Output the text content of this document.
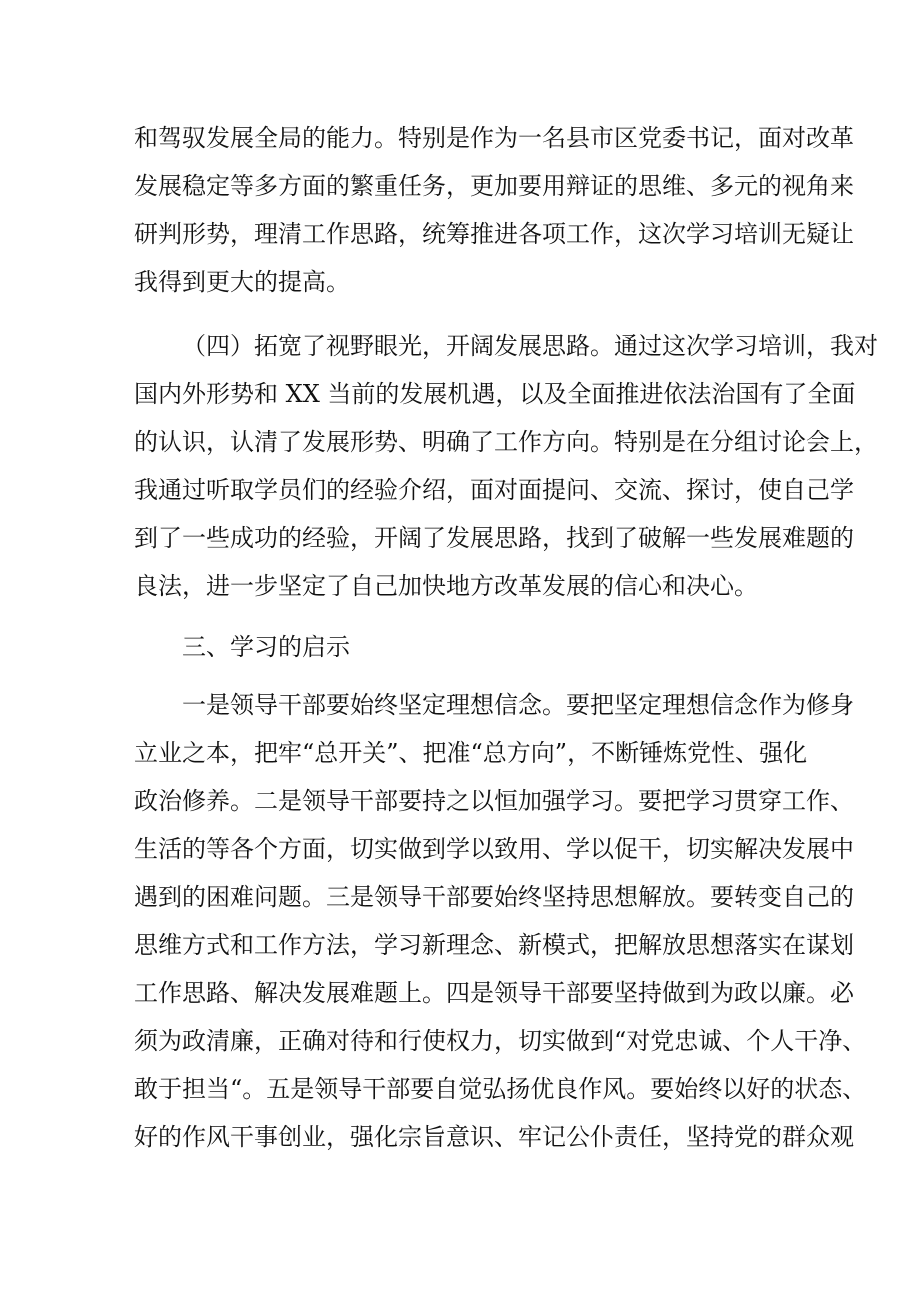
和驾驭发展全局的能力。特别是作为一名县市区党委书记，面对改革
发展稳定等多方面的繁重任务，更加要用辩证的思维、多元的视角来
研判形势，理清工作思路，统筹推进各项工作，这次学习培训无疑让
我得到更大的提高。
（四）拓宽了视野眼光，开阔发展思路。通过这次学习培训，我对
国内外形势和 XX 当前的发展机遇，以及全面推进依法治国有了全面
的认识，认清了发展形势、明确了工作方向。特别是在分组讨论会上，
我通过听取学员们的经验介绍，面对面提问、交流、探讨，使自己学
到了一些成功的经验，开阔了发展思路，找到了破解一些发展难题的
良法，进一步坚定了自己加快地方改革发展的信心和决心。
三、学习的启示
一是领导干部要始终坚定理想信念。要把坚定理想信念作为修身
立业之本，把牢“总开关”、把准“总方向”，不断锤炼党性、强化
政治修养。二是领导干部要持之以恒加强学习。要把学习贯穿工作、
生活的等各个方面，切实做到学以致用、学以促干，切实解决发展中
遇到的困难问题。三是领导干部要始终坚持思想解放。要转变自己的
思维方式和工作方法，学习新理念、新模式，把解放思想落实在谋划
工作思路、解决发展难题上。四是领导干部要坚持做到为政以廉。必
须为政清廉，正确对待和行使权力，切实做到“对党忠诚、个人干净、
敢于担当“。五是领导干部要自觉弘扬优良作风。要始终以好的状态、
好的作风干事创业，强化宗旨意识、牢记公仆责任，坚持党的群众观
